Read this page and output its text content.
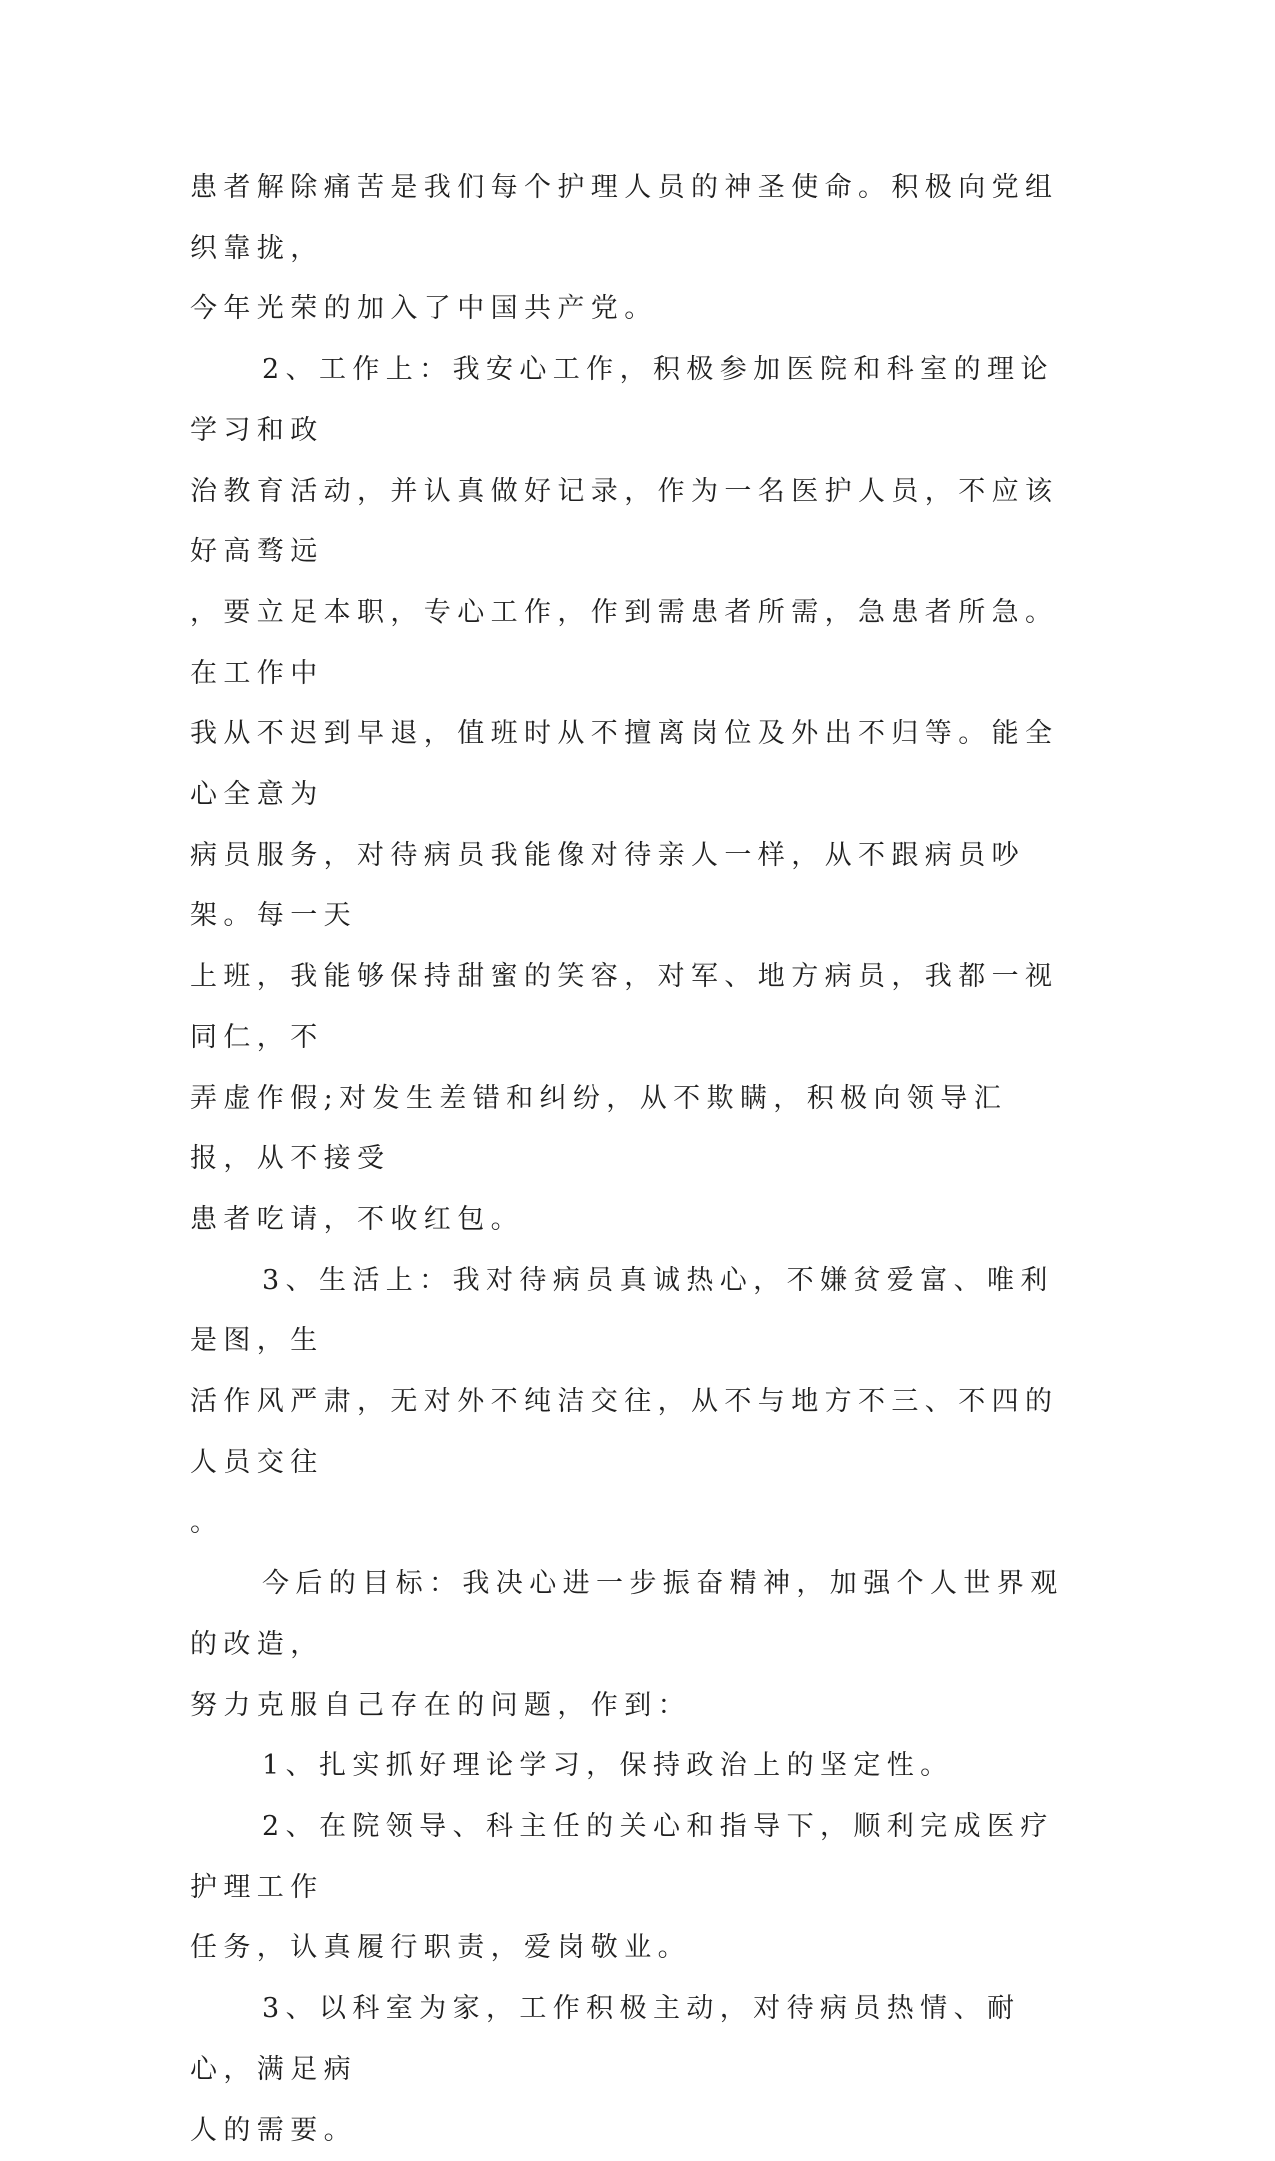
患者解除痛苦是我们每个护理人员的神圣使命。积极向党组织靠拢，
今年光荣的加入了中国共产党。
2、工作上：我安心工作，积极参加医院和科室的理论学习和政
治教育活动，并认真做好记录，作为一名医护人员，不应该好高骛远
，要立足本职，专心工作，作到需患者所需，急患者所急。在工作中
我从不迟到早退，值班时从不擅离岗位及外出不归等。能全心全意为
病员服务，对待病员我能像对待亲人一样，从不跟病员吵架。每一天
上班，我能够保持甜蜜的笑容，对军、地方病员，我都一视同仁，不
弄虚作假;对发生差错和纠纷，从不欺瞒，积极向领导汇报，从不接受
患者吃请，不收红包。
3、生活上：我对待病员真诚热心，不嫌贫爱富、唯利是图，生
活作风严肃，无对外不纯洁交往，从不与地方不三、不四的人员交往
。
今后的目标：我决心进一步振奋精神，加强个人世界观的改造，
努力克服自己存在的问题，作到：
1、扎实抓好理论学习，保持政治上的坚定性。
2、在院领导、科主任的关心和指导下，顺利完成医疗护理工作
任务，认真履行职责，爱岗敬业。
3、以科室为家，工作积极主动，对待病员热情、耐心，满足病
人的需要。
